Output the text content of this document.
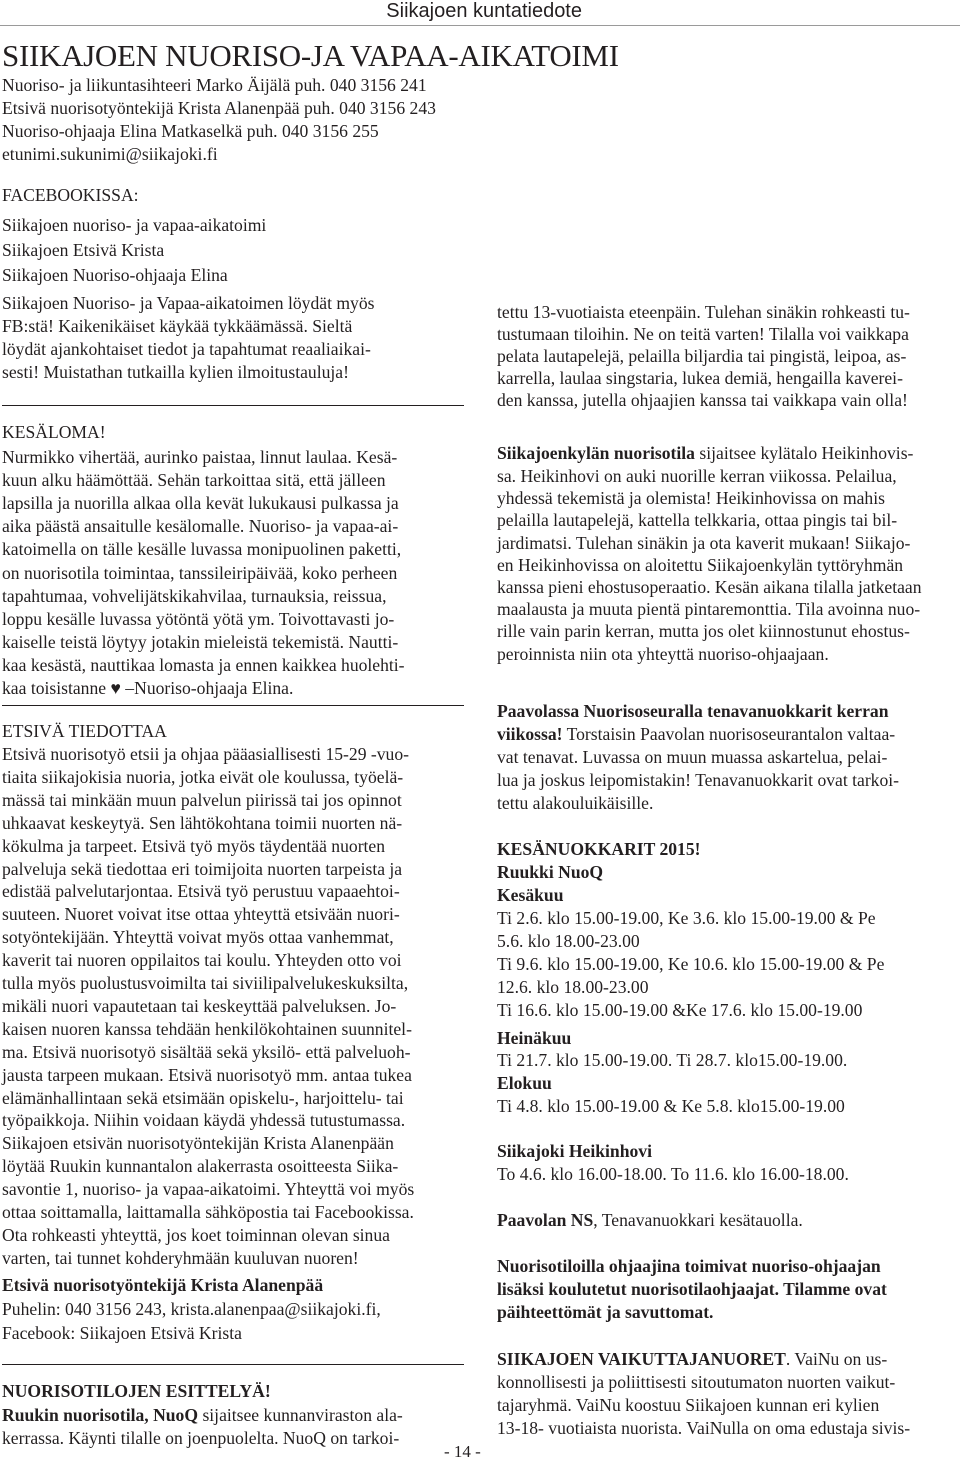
Siikajoen kuntatiedote
SIIKAJOEN NUORISO-JA VAPAA-AIKATOIMI
Nuoriso- ja liikuntasihteeri Marko Äijälä puh. 040 3156 241
Etsivä nuorisotyöntekijä Krista Alanenpää puh. 040 3156 243
Nuoriso-ohjaaja Elina Matkaselkä puh. 040 3156 255
etunimi.sukunimi@siikajoki.fi
FACEBOOKISSA:
Siikajoen nuoriso- ja vapaa-aikatoimi
Siikajoen Etsivä Krista
Siikajoen Nuoriso-ohjaaja Elina
Siikajoen Nuoriso- ja Vapaa-aikatoimen löydät myös
FB:stä! Kaikenikäiset käykää tykkäämässä. Sieltä
löydät ajankohtaiset tiedot ja tapahtumat reaaliaikai-
sesti! Muistathan tutkailla kylien ilmoitustauluja!
KESÄLOMA!
Nurmikko vihertää, aurinko paistaa, linnut laulaa. Kesä-
kuun alku häämöttää. Sehän tarkoittaa sitä, että jälleen
lapsilla ja nuorilla alkaa olla kevät lukukausi pulkassa ja
aika päästä ansaitulle kesälomalle. Nuoriso- ja vapaa-ai-
katoimella on tälle kesälle luvassa monipuolinen paketti,
on nuorisotila toimintaa, tanssileiripäivää, koko perheen
tapahtumaa, vohvelijätskikahvilaa, turnauksia, reissua,
loppu kesälle luvassa yötöntä yötä ym. Toivottavasti jo-
kaiselle teistä löytyy jotakin mieleistä tekemistä. Nautti-
kaa kesästä, nauttikaa lomasta ja ennen kaikkea huolehti-
kaa toisistanne ♥ –Nuoriso-ohjaaja Elina.
ETSIVÄ TIEDOTTAA
Etsivä nuorisotyö etsii ja ohjaa pääasiallisesti 15-29 -vuo-
tiaita siikajokisia nuoria, jotka eivät ole koulussa, työelä-
mässä tai minkään muun palvelun piirissä tai jos opinnot
uhkaavat keskeytyä. Sen lähtökohtana toimii nuorten nä-
kökulma ja tarpeet. Etsivä työ myös täydentää nuorten
palveluja sekä tiedottaa eri toimijoita nuorten tarpeista ja
edistää palvelutarjontaa. Etsivä työ perustuu vapaaehtoi-
suuteen. Nuoret voivat itse ottaa yhteyttä etsivään nuori-
sotyöntekijään. Yhteyttä voivat myös ottaa vanhemmat,
kaverit tai nuoren oppilaitos tai koulu. Yhteyden otto voi
tulla myös puolustusvoimilta tai siviilipalvelukeskuksilta,
mikäli nuori vapautetaan tai keskeyttää palveluksen. Jo-
kaisen nuoren kanssa tehdään henkilökohtainen suunnitel-
ma. Etsivä nuorisotyö sisältää sekä yksilö- että palveluoh-
jausta tarpeen mukaan. Etsivä nuorisotyö mm. antaa tukea
elämänhallintaan sekä etsimään opiskelu-, harjoittelu- tai
työpaikkoja. Niihin voidaan käydä yhdessä tutustumassa.
Siikajoen etsivän nuorisotyöntekijän Krista Alanenpään
löytää Ruukin kunnantalon alakerrasta osoitteesta Siika-
savontie 1, nuoriso- ja vapaa-aikatoimi. Yhteyttä voi myös
ottaa soittamalla, laittamalla sähköpostia tai Facebookissa.
Ota rohkeasti yhteyttä, jos koet toiminnan olevan sinua
varten, tai tunnet kohderyhmään kuuluvan nuoren!
Etsivä nuorisotyöntekijä Krista Alanenpää
Puhelin: 040 3156 243, krista.alanenpaa@siikajoki.fi,
Facebook: Siikajoen Etsivä Krista
NUORISOTILOJEN ESITTELYÄ!
Ruukin nuorisotila, NuoQ sijaitsee kunnanviraston ala-
kerrassa. Käynti tilalle on joenpuolelta. NuoQ on tarkoi-
tettu 13-vuotiaista eteenpäin. Tulehan sinäkin rohkeasti tu-
tustumaan tiloihin. Ne on teitä varten! Tilalla voi vaikkapa
pelata lautapelejä, pelailla biljardia tai pingistä, leipoa, as-
karrella, laulaa singstaria, lukea demiä, hengailla kaverei-
den kanssa, jutella ohjaajien kanssa tai vaikkapa vain olla!
Siikajoenkylän nuorisotila sijaitsee kylätalo Heikinhovis-
sa. Heikinhovi on auki nuorille kerran viikossa. Pelailua,
yhdessä tekemistä ja olemista! Heikinhovissa on mahis
pelailla lautapelejä, kattella telkkaria, ottaa pingis tai bil-
jardimatsi. Tulehan sinäkin ja ota kaverit mukaan! Siikajo-
en Heikinhovissa on aloitettu Siikajoenkylän tyttöryhmän
kanssa pieni ehostusoperaatio. Kesän aikana tilalla jatketaan
maalausta ja muuta pientä pintaremonttia. Tila avoinna nuo-
rille vain parin kerran, mutta jos olet kiinnostunut ehostus-
peroinnista niin ota yhteyttä nuoriso-ohjaajaan.
Paavolassa Nuorisoseuralla tenavanuokkarit kerran
viikossa! Torstaisin Paavolan nuorisoseurantalon valtaa-
vat tenavat. Luvassa on muun muassa askartelua, pelai-
lua ja joskus leipomistakin! Tenavanuokkarit ovat tarkoi-
tettu alakouluikäisille.
KESÄNUOKKARIT 2015!
Ruukki NuoQ
Kesäkuu
Ti 2.6. klo 15.00-19.00, Ke 3.6. klo 15.00-19.00 & Pe
5.6. klo 18.00-23.00
Ti 9.6. klo 15.00-19.00, Ke 10.6. klo 15.00-19.00 & Pe
12.6. klo 18.00-23.00
Ti 16.6. klo 15.00-19.00 &Ke 17.6. klo 15.00-19.00
Heinäkuu
Ti 21.7. klo 15.00-19.00. Ti 28.7. klo15.00-19.00.
Elokuu
Ti 4.8. klo 15.00-19.00 & Ke 5.8. klo15.00-19.00
Siikajoki Heikinhovi
To 4.6. klo 16.00-18.00. To 11.6. klo 16.00-18.00.
Paavolan NS, Tenavanuokkari kesätauolla.
Nuorisotiloilla ohjaajina toimivat nuoriso-ohjaajan
lisäksi koulutetut nuorisotilaohjaajat. Tilamme ovat
päihteettömät ja savuttomat.
SIIKAJOEN VAIKUTTAJANUORET. VaiNu on us-
konnollisesti ja poliittisesti sitoutumaton nuorten vaikut-
tajaryhmä. VaiNu koostuu Siikajoen kunnan eri kylien
13-18- vuotiaista nuorista. VaiNulla on oma edustaja sivis-
- 14 -
